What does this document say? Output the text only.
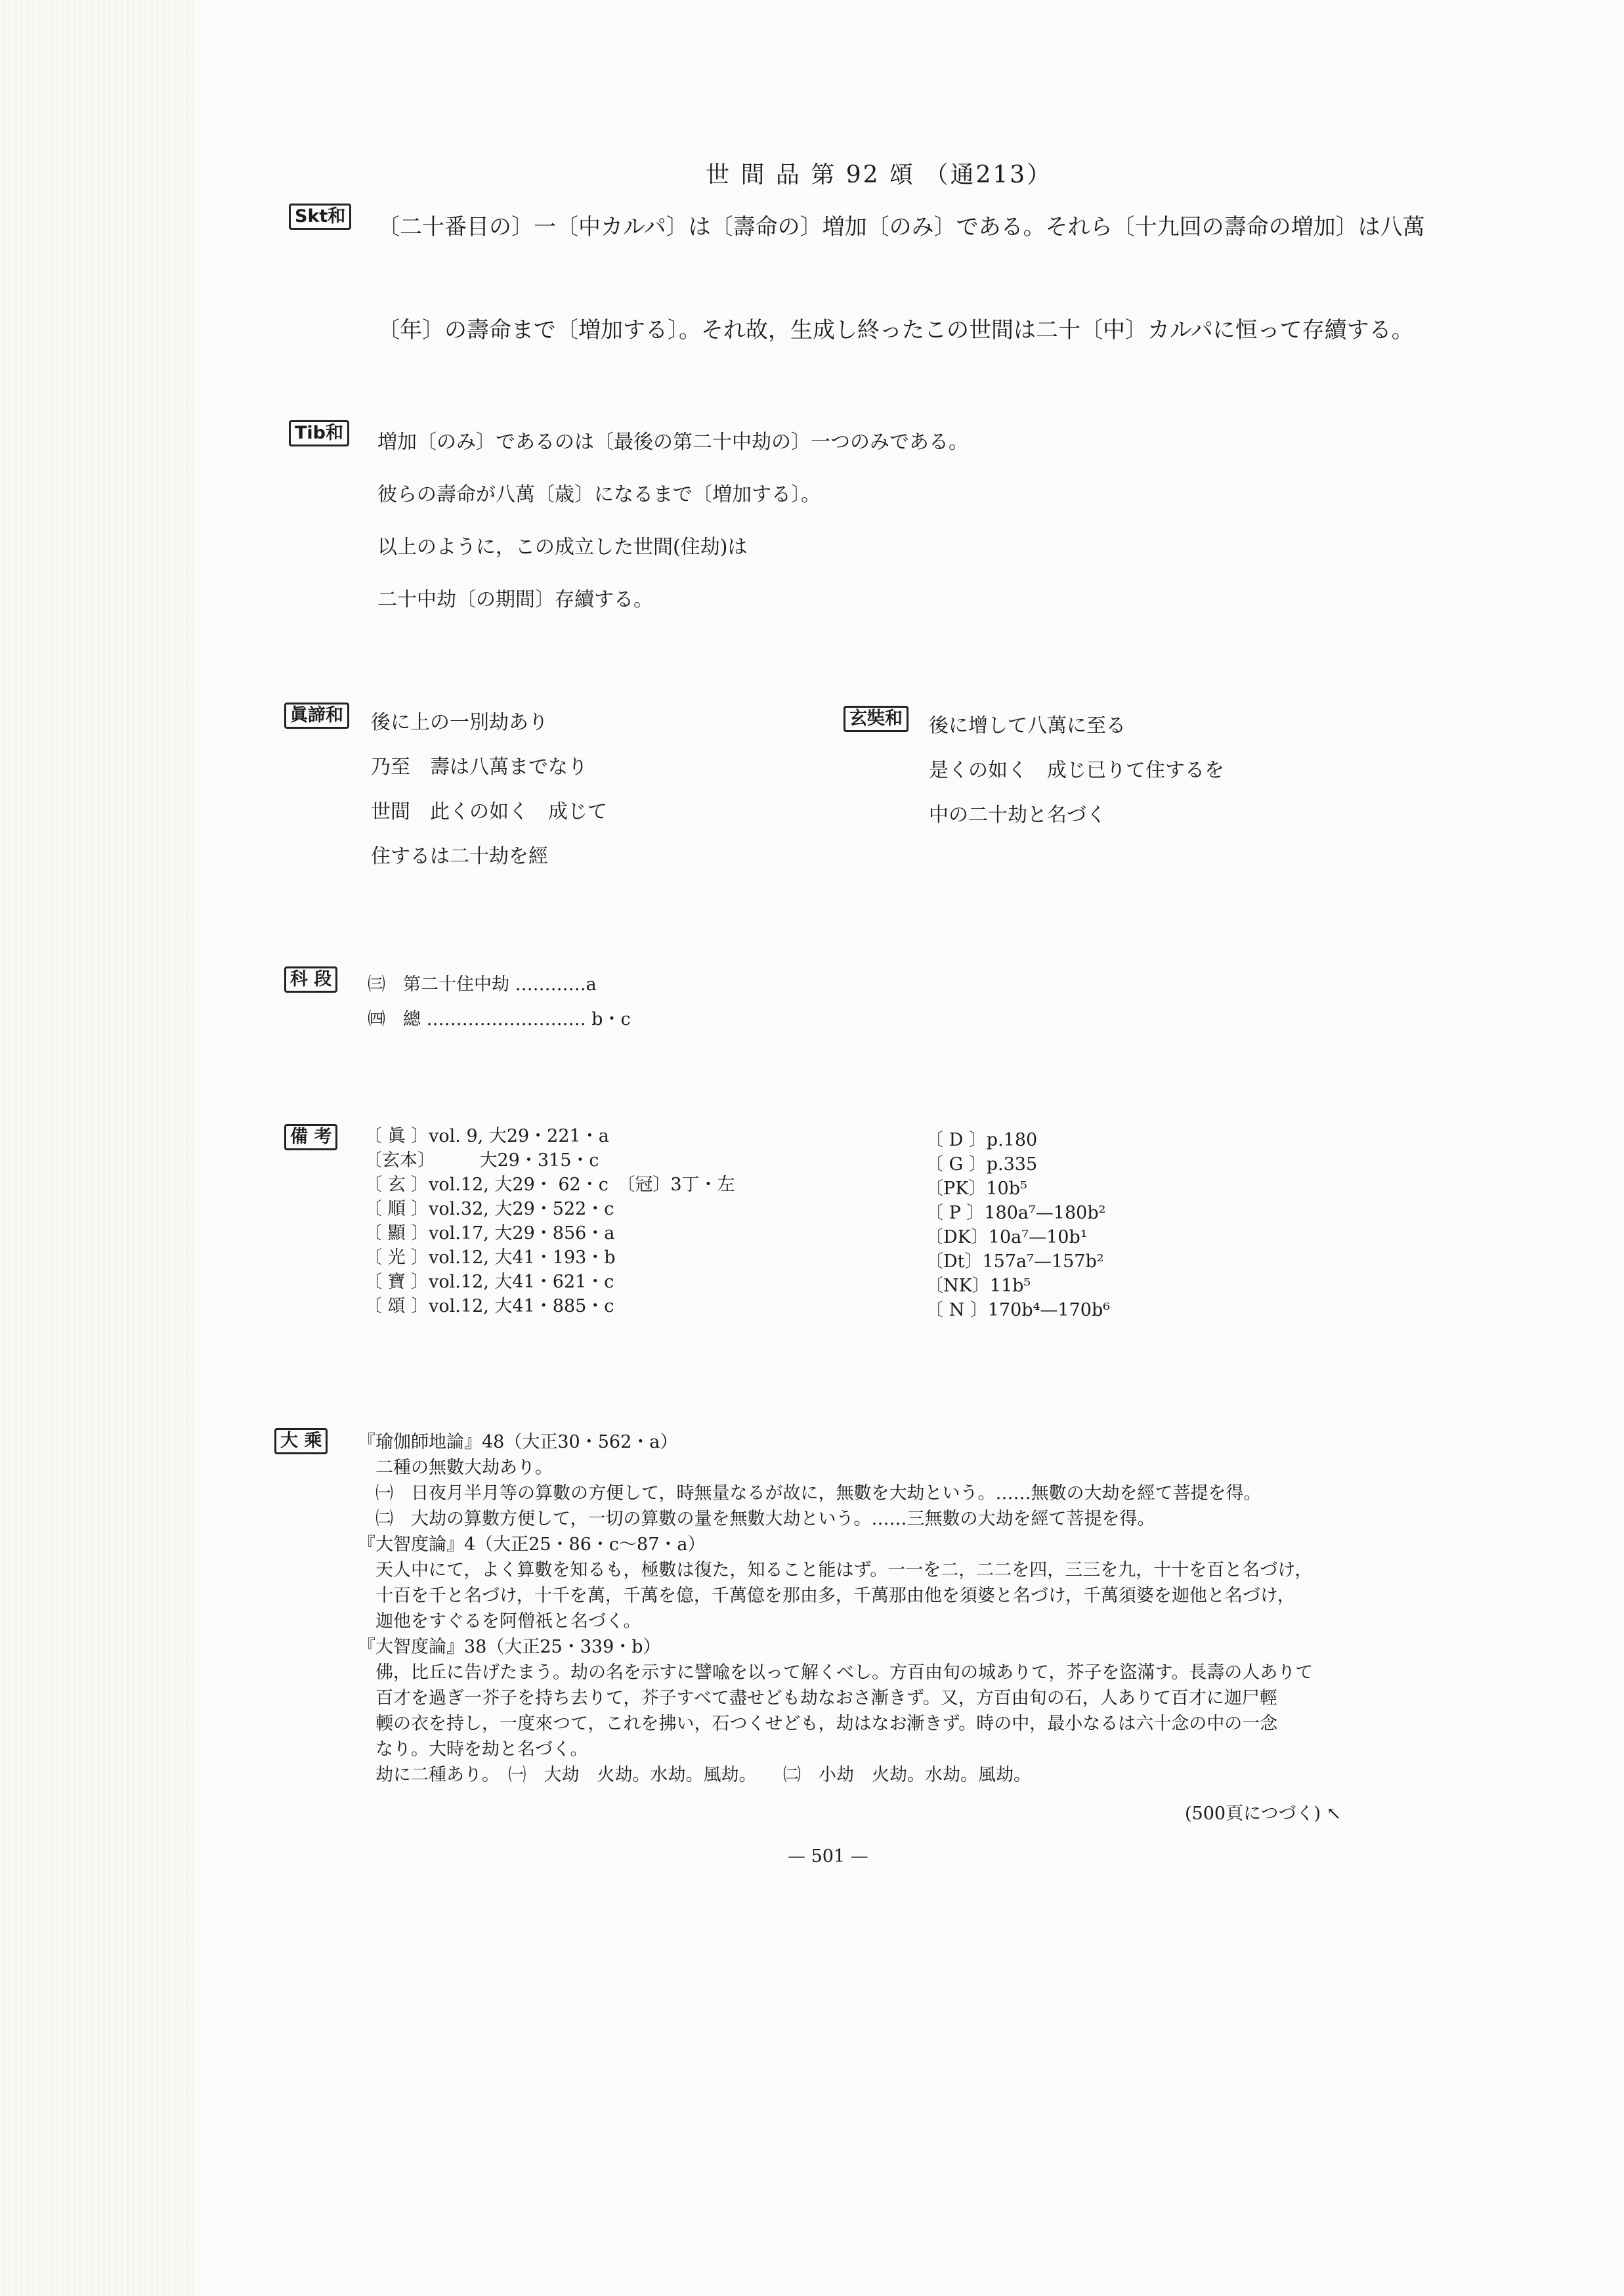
世 間 品 第 92 頌 （通213）
Skt和 〔二十番目の〕一〔中カルパ〕は〔壽命の〕増加〔のみ〕である。それら〔十九回の壽命の増加〕は八萬
〔年〕の壽命まで〔増加する〕。それ故，生成し終ったこの世間は二十〔中〕カルパに恒って存續する。
Tib和	増加〔のみ〕であるのは〔最後の第二十中劫の〕一つのみである。
彼らの壽命が八萬〔歳〕になるまで〔増加する〕。
以上のように，この成立した世間(住劫)は
二十中劫〔の期間〕存續する。
眞諦和	後に上の一別劫あり
乃至　壽は八萬までなり
世間　此くの如く　成じて
住するは二十劫を經
玄奘和	後に增して八萬に至る
是くの如く　成じ已りて住するを
中の二十劫と名づく
科 段	㈢　第二十住中劫 …………a
㈣　總 ……………………… b・c
備 考	〔 眞 〕vol. 9, 大29・221・a
〔玄本〕　　　大29・315・c
〔 玄 〕vol.12, 大29・ 62・c　〔冠〕3丁・左
〔 順 〕vol.32, 大29・522・c
〔 顯 〕vol.17, 大29・856・a
〔 光 〕vol.12, 大41・193・b
〔 寶 〕vol.12, 大41・621・c
〔 頌 〕vol.12, 大41・885・c
〔 D 〕p.180
〔 G 〕p.335
〔PK〕10b⁵
〔 P 〕180a⁷—180b²
〔DK〕10a⁷—10b¹
〔Dt〕157a⁷—157b²
〔NK〕11b⁵
〔 N 〕170b⁴—170b⁶
大 乘	『瑜伽師地論』48（大正30・562・a）
　二種の無數大劫あり。
　㈠　日夜月半月等の算數の方便して，時無量なるが故に，無數を大劫という。……無數の大劫を經て菩提を得。
　㈡　大劫の算數方便して，一切の算數の量を無數大劫という。……三無數の大劫を經て菩提を得。
『大智度論』4（大正25・86・c～87・a）
　天人中にて，よく算數を知るも，極數は復た，知ること能はず。一一を二，二二を四，三三を九，十十を百と名づけ，
　十百を千と名づけ，十千を萬，千萬を億，千萬億を那由多，千萬那由他を須婆と名づけ，千萬須婆を迦他と名づけ，
　迦他をすぐるを阿僧祇と名づく。
『大智度論』38（大正25・339・b）
　佛，比丘に告げたまう。劫の名を示すに譬喩を以って解くべし。方百由旬の城ありて，芥子を盜滿す。長壽の人ありて
　百才を過ぎ一芥子を持ち去りて，芥子すべて盡せども劫なおさ漸きず。又，方百由旬の石，人ありて百才に迦尸輕
　輭の衣を持し，一度來つて，これを拂い，石つくせども，劫はなお漸きず。時の中，最小なるは六十念の中の一念
　なり。大時を劫と名づく。
　劫に二種あり。　㈠　大劫　火劫。水劫。風劫。　　㈡　小劫　火劫。水劫。風劫。
(500頁につづく) ↖
— 501 —
